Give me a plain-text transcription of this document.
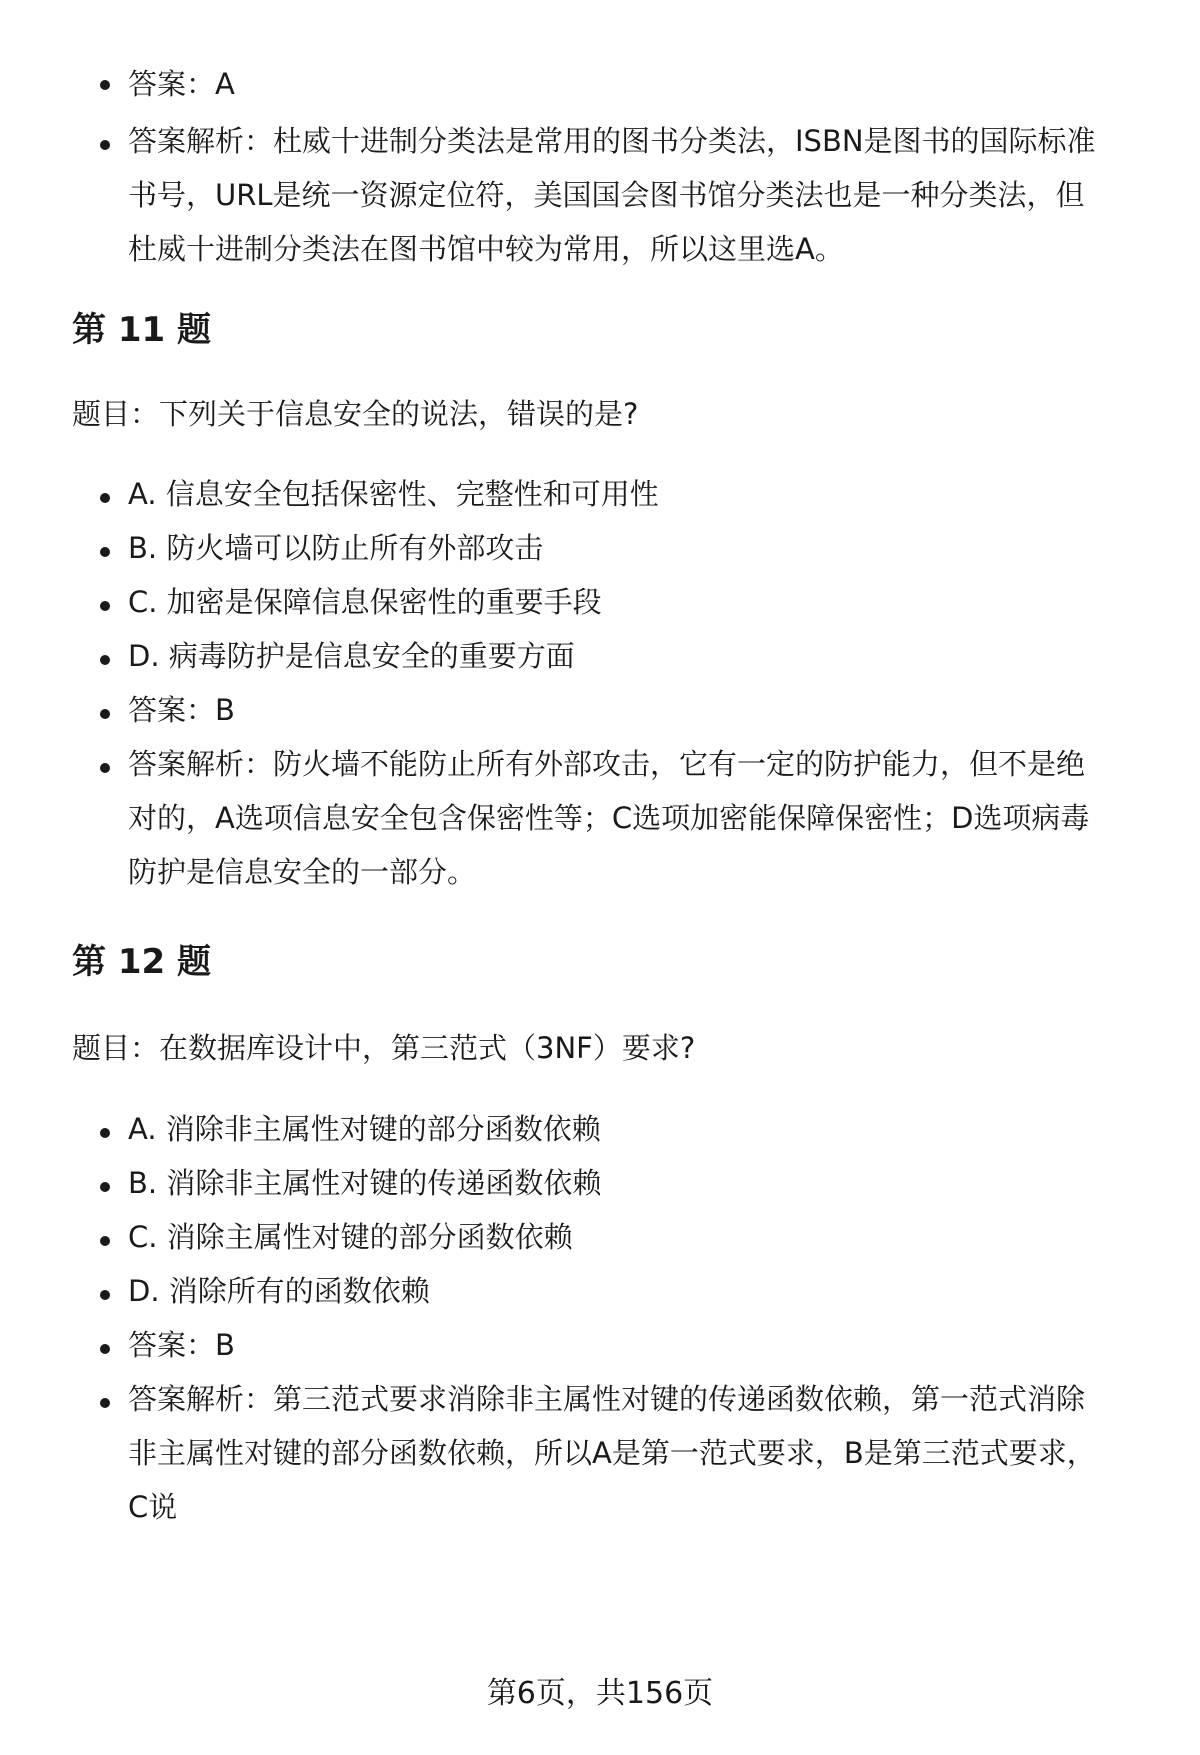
答案：A
答案解析：杜威十进制分类法是常用的图书分类法，ISBN是图书的国际标准书号，URL是统一资源定位符，美国国会图书馆分类法也是一种分类法，但杜威十进制分类法在图书馆中较为常用，所以这里选A。
第 11 题

题目：下列关于信息安全的说法，错误的是?

A. 信息安全包括保密性、完整性和可用性
B. 防火墙可以防止所有外部攻击
C. 加密是保障信息保密性的重要手段
D. 病毒防护是信息安全的重要方面
答案：B
答案解析：防火墙不能防止所有外部攻击，它有一定的防护能力，但不是绝对的，A选项信息安全包含保密性等；C选项加密能保障保密性；D选项病毒防护是信息安全的一部分。
第 12 题

题目：在数据库设计中，第三范式（3NF）要求?

A. 消除非主属性对键的部分函数依赖
B. 消除非主属性对键的传递函数依赖
C. 消除主属性对键的部分函数依赖
D. 消除所有的函数依赖
答案：B
答案解析：第三范式要求消除非主属性对键的传递函数依赖，第一范式消除非主属性对键的部分函数依赖，所以A是第一范式要求，B是第三范式要求，C说
第6页，共156页
